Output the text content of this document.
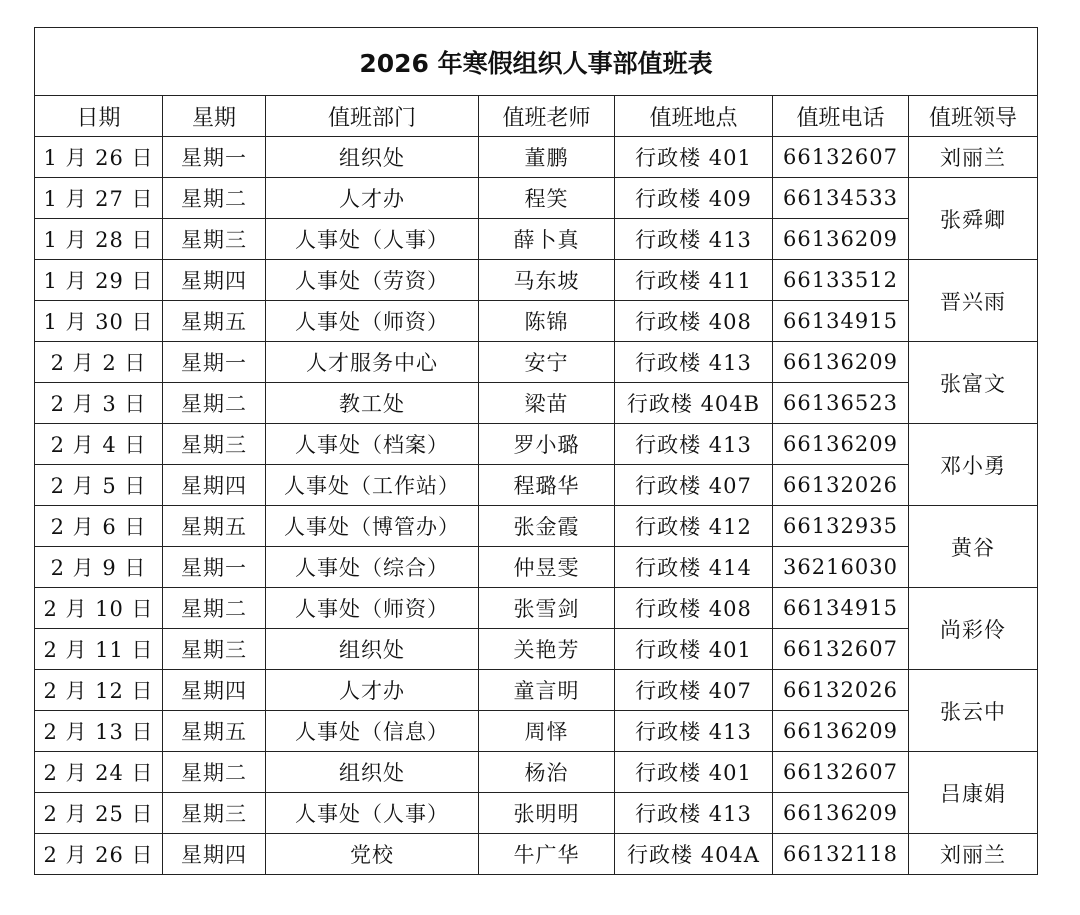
2026 年寒假组织人事部值班表						
日期	星期	值班部门	值班老师	值班地点	值班电话	值班领导
1 月 26 日	星期一	组织处	董鹏	行政楼 401	66132607	刘丽兰
1 月 27 日	星期二	人才办	程笑	行政楼 409	66134533	张舜卿
1 月 28 日	星期三	人事处（人事）	薛卜真	行政楼 413	66136209	
1 月 29 日	星期四	人事处（劳资）	马东坡	行政楼 411	66133512	晋兴雨
1 月 30 日	星期五	人事处（师资）	陈锦	行政楼 408	66134915	
2 月 2 日	星期一	人才服务中心	安宁	行政楼 413	66136209	张富文
2 月 3 日	星期二	教工处	梁苗	行政楼 404B	66136523	
2 月 4 日	星期三	人事处（档案）	罗小璐	行政楼 413	66136209	邓小勇
2 月 5 日	星期四	人事处（工作站）	程璐华	行政楼 407	66132026	
2 月 6 日	星期五	人事处（博管办）	张金霞	行政楼 412	66132935	黄谷
2 月 9 日	星期一	人事处（综合）	仲昱雯	行政楼 414	36216030	
2 月 10 日	星期二	人事处（师资）	张雪剑	行政楼 408	66134915	尚彩伶
2 月 11 日	星期三	组织处	关艳芳	行政楼 401	66132607	
2 月 12 日	星期四	人才办	童言明	行政楼 407	66132026	张云中
2 月 13 日	星期五	人事处（信息）	周怿	行政楼 413	66136209	
2 月 24 日	星期二	组织处	杨治	行政楼 401	66132607	吕康娟
2 月 25 日	星期三	人事处（人事）	张明明	行政楼 413	66136209	
2 月 26 日	星期四	党校	牛广华	行政楼 404A	66132118	刘丽兰
